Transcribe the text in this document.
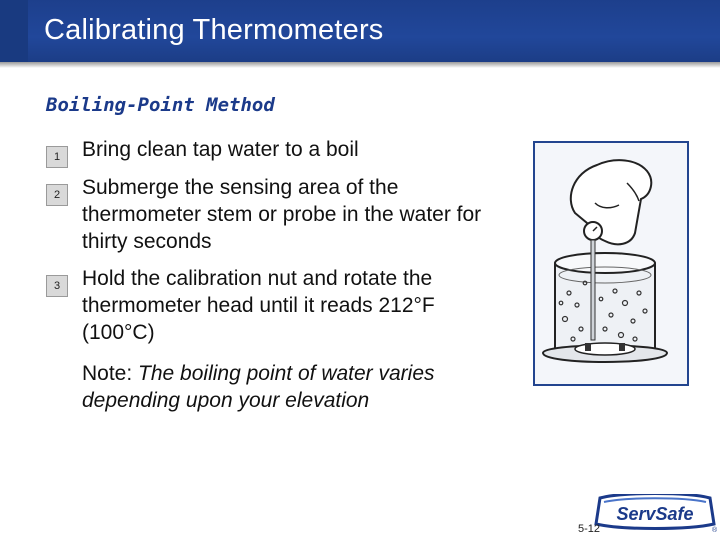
Calibrating Thermometers
Boiling-Point Method
1	Bring clean tap water to a boil
2	Submerge the sensing area of the thermometer stem or probe in the water for thirty seconds
3	Hold the calibration nut and rotate the thermometer head until it reads 212°F (100°C)
Note: The boiling point of water varies depending upon your elevation
ServSafe
®
5-12
